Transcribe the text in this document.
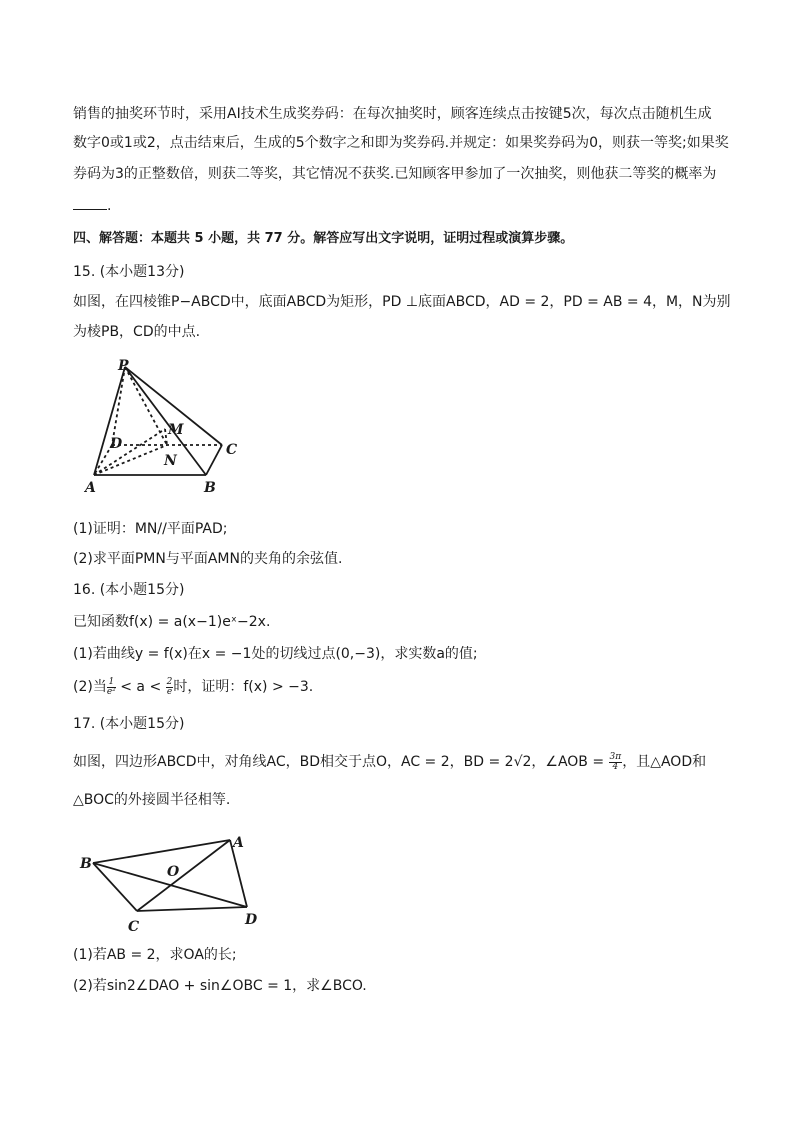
销售的抽奖环节时，采用AI技术生成奖券码：在每次抽奖时，顾客连续点击按键5次，每次点击随机生成
数字0或1或2，点击结束后，生成的5个数字之和即为奖券码.并规定：如果奖券码为0，则获一等奖;如果奖
券码为3的正整数倍，则获二等奖，其它情况不获奖.已知顾客甲参加了一次抽奖，则他获二等奖的概率为
.
四、解答题：本题共 5 小题，共 77 分。解答应写出文字说明，证明过程或演算步骤。
15. (本小题13分)
如图，在四棱锥P−ABCD中，底面ABCD为矩形，PD ⊥底面ABCD，AD = 2，PD = AB = 4，M，N为别
为棱PB，CD的中点.
P
D
M
C
N
A	B
(1)证明：MN//平面PAD;
(2)求平面PMN与平面AMN的夹角的余弦值.
16. (本小题15分)
已知函数f(x) = a(x−1)eˣ−2x.
(1)若曲线y = f(x)在x = −1处的切线过点(0,−3)，求实数a的值;
(2)当 $\frac{1}{\text{e²}} < a < \frac{2}{e}$ 时，证明：f(x) > −3.
17. (本小题15分)
如图，四边形ABCD中，对角线AC，BD相交于点O，AC = 2，BD = 2√2，∠AOB = $\frac{3\pi}{4}$ ，且△AOD和
△BOC的外接圆半径相等.
B
A
O
C	D
(1)若AB = 2，求OA的长;
(2)若sin2∠DAO + sin∠OBC = 1，求∠BCO.
